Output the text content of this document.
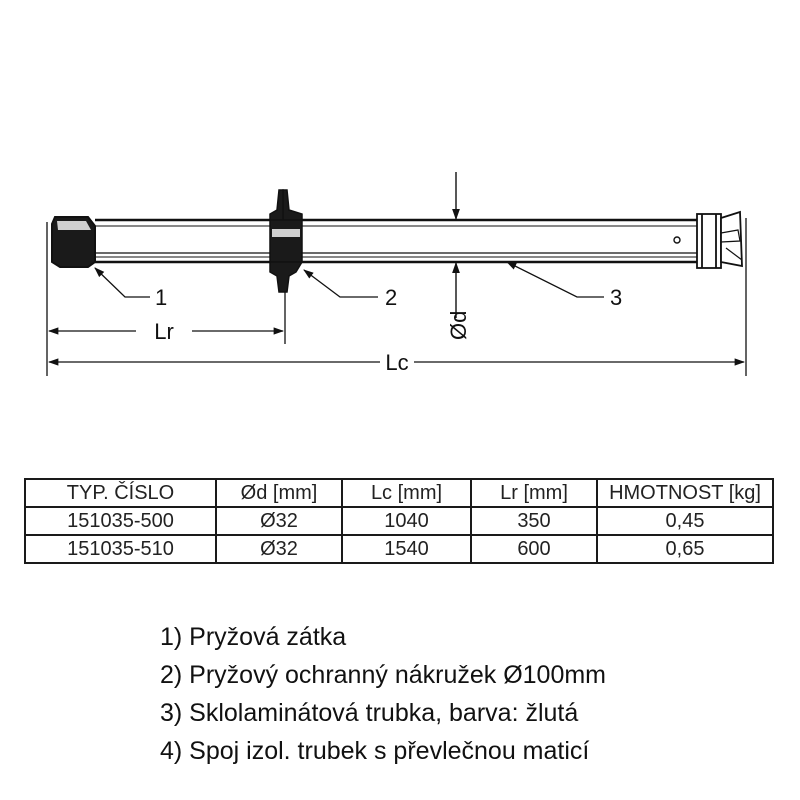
Ød
1	2	3
Lr
Lc
TYP. ČÍSLO	Ød [mm]	Lc [mm]	Lr [mm]	HMOTNOST [kg]
151035-500	Ø32	1040	350	0,45
151035-510	Ø32	1540	600	0,65
1) Pryžová zátka
2) Pryžový ochranný nákružek Ø100mm
3) Sklolaminátová trubka, barva: žlutá
4) Spoj izol. trubek s převlečnou maticí
